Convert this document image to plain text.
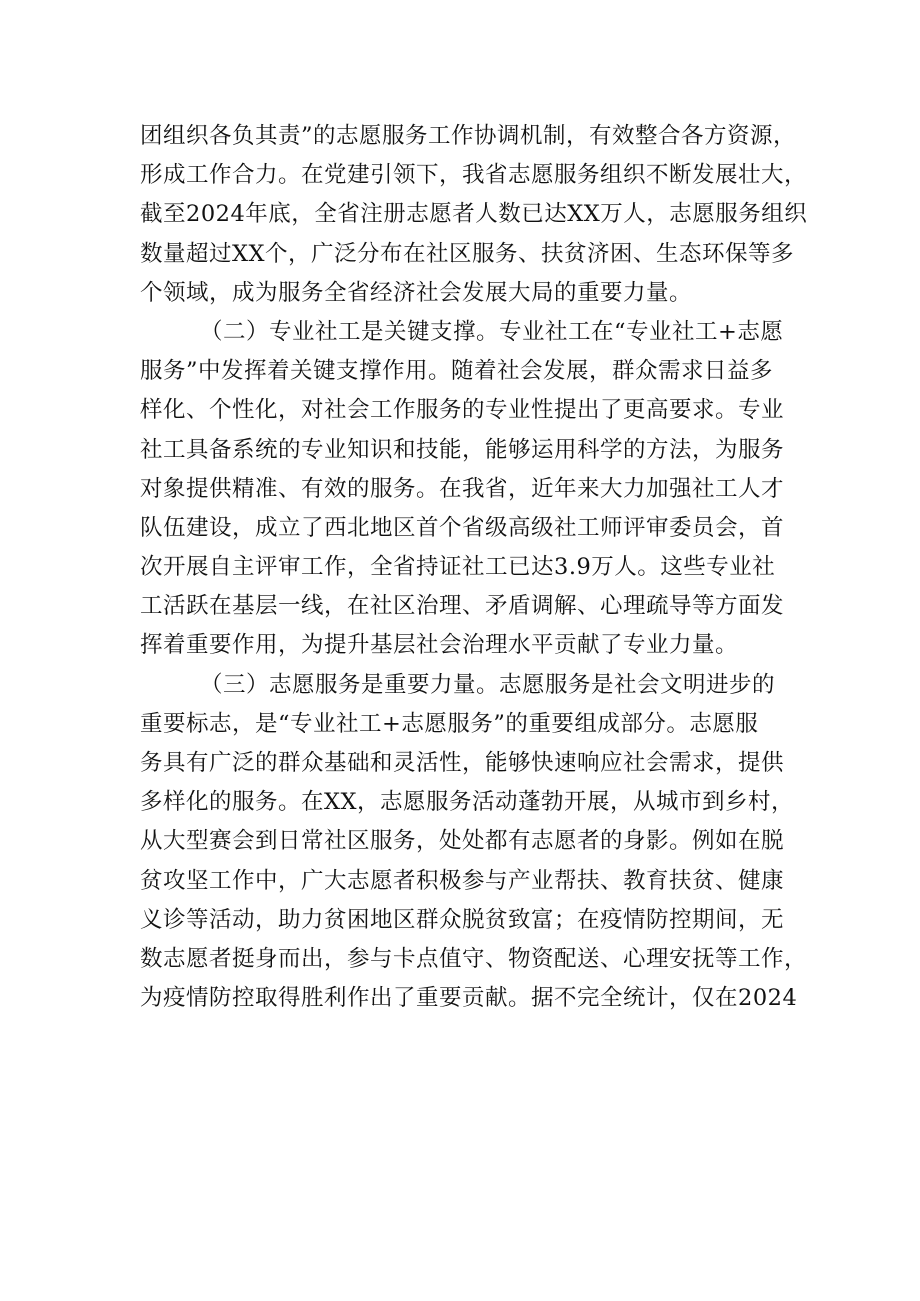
团组织各负其责”的志愿服务工作协调机制，有效整合各方资源，
形成工作合力。在党建引领下，我省志愿服务组织不断发展壮大，
截至2024年底，全省注册志愿者人数已达XX万人，志愿服务组织
数量超过XX个，广泛分布在社区服务、扶贫济困、生态环保等多
个领域，成为服务全省经济社会发展大局的重要力量。
（二）专业社工是关键支撑。专业社工在“专业社工+志愿
服务”中发挥着关键支撑作用。随着社会发展，群众需求日益多
样化、个性化，对社会工作服务的专业性提出了更高要求。专业
社工具备系统的专业知识和技能，能够运用科学的方法，为服务
对象提供精准、有效的服务。在我省，近年来大力加强社工人才
队伍建设，成立了西北地区首个省级高级社工师评审委员会，首
次开展自主评审工作，全省持证社工已达3.9万人。这些专业社
工活跃在基层一线，在社区治理、矛盾调解、心理疏导等方面发
挥着重要作用，为提升基层社会治理水平贡献了专业力量。
（三）志愿服务是重要力量。志愿服务是社会文明进步的
重要标志，是“专业社工+志愿服务”的重要组成部分。志愿服
务具有广泛的群众基础和灵活性，能够快速响应社会需求，提供
多样化的服务。在XX，志愿服务活动蓬勃开展，从城市到乡村，
从大型赛会到日常社区服务，处处都有志愿者的身影。例如在脱
贫攻坚工作中，广大志愿者积极参与产业帮扶、教育扶贫、健康
义诊等活动，助力贫困地区群众脱贫致富；在疫情防控期间，无
数志愿者挺身而出，参与卡点值守、物资配送、心理安抚等工作，
为疫情防控取得胜利作出了重要贡献。据不完全统计，仅在2024
